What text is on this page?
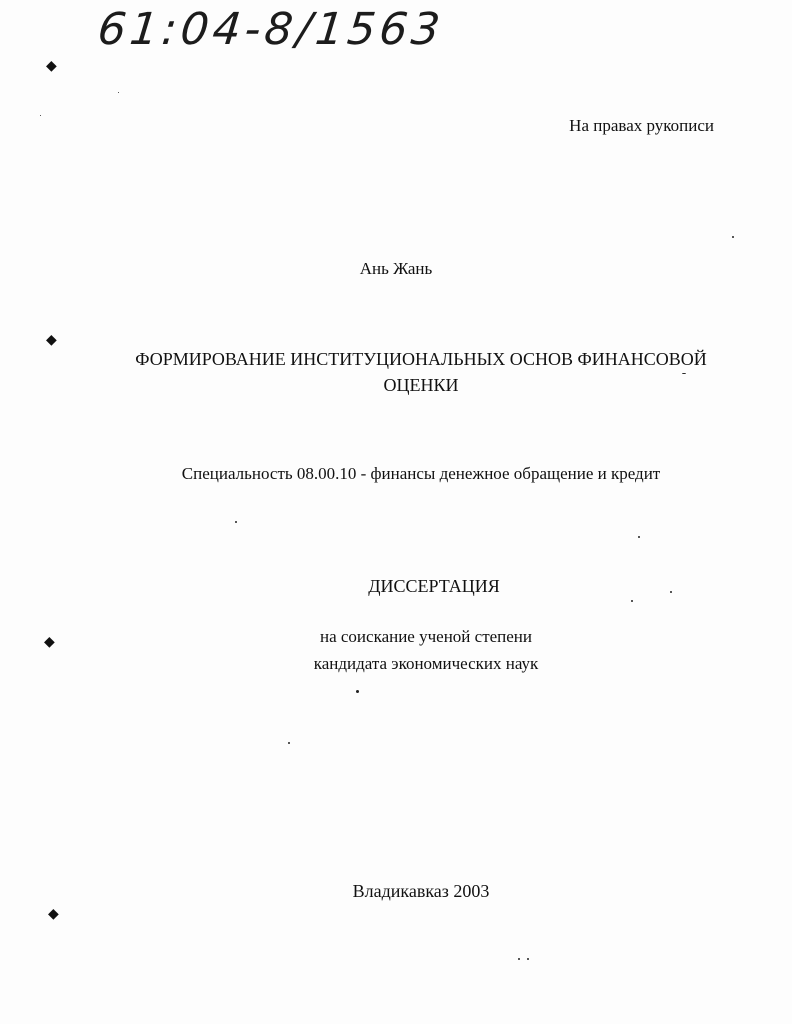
61:04-8/1563
На правах рукописи
Ань Жань
ФОРМИРОВАНИЕ ИНСТИТУЦИОНАЛЬНЫХ ОСНОВ ФИНАНСОВОЙ
ОЦЕНКИ
Специальность 08.00.10 - финансы денежное обращение и кредит
ДИССЕРТАЦИЯ
на соискание ученой степени
кандидата экономических наук
Владикавказ 2003
◆
◆
◆
◆
